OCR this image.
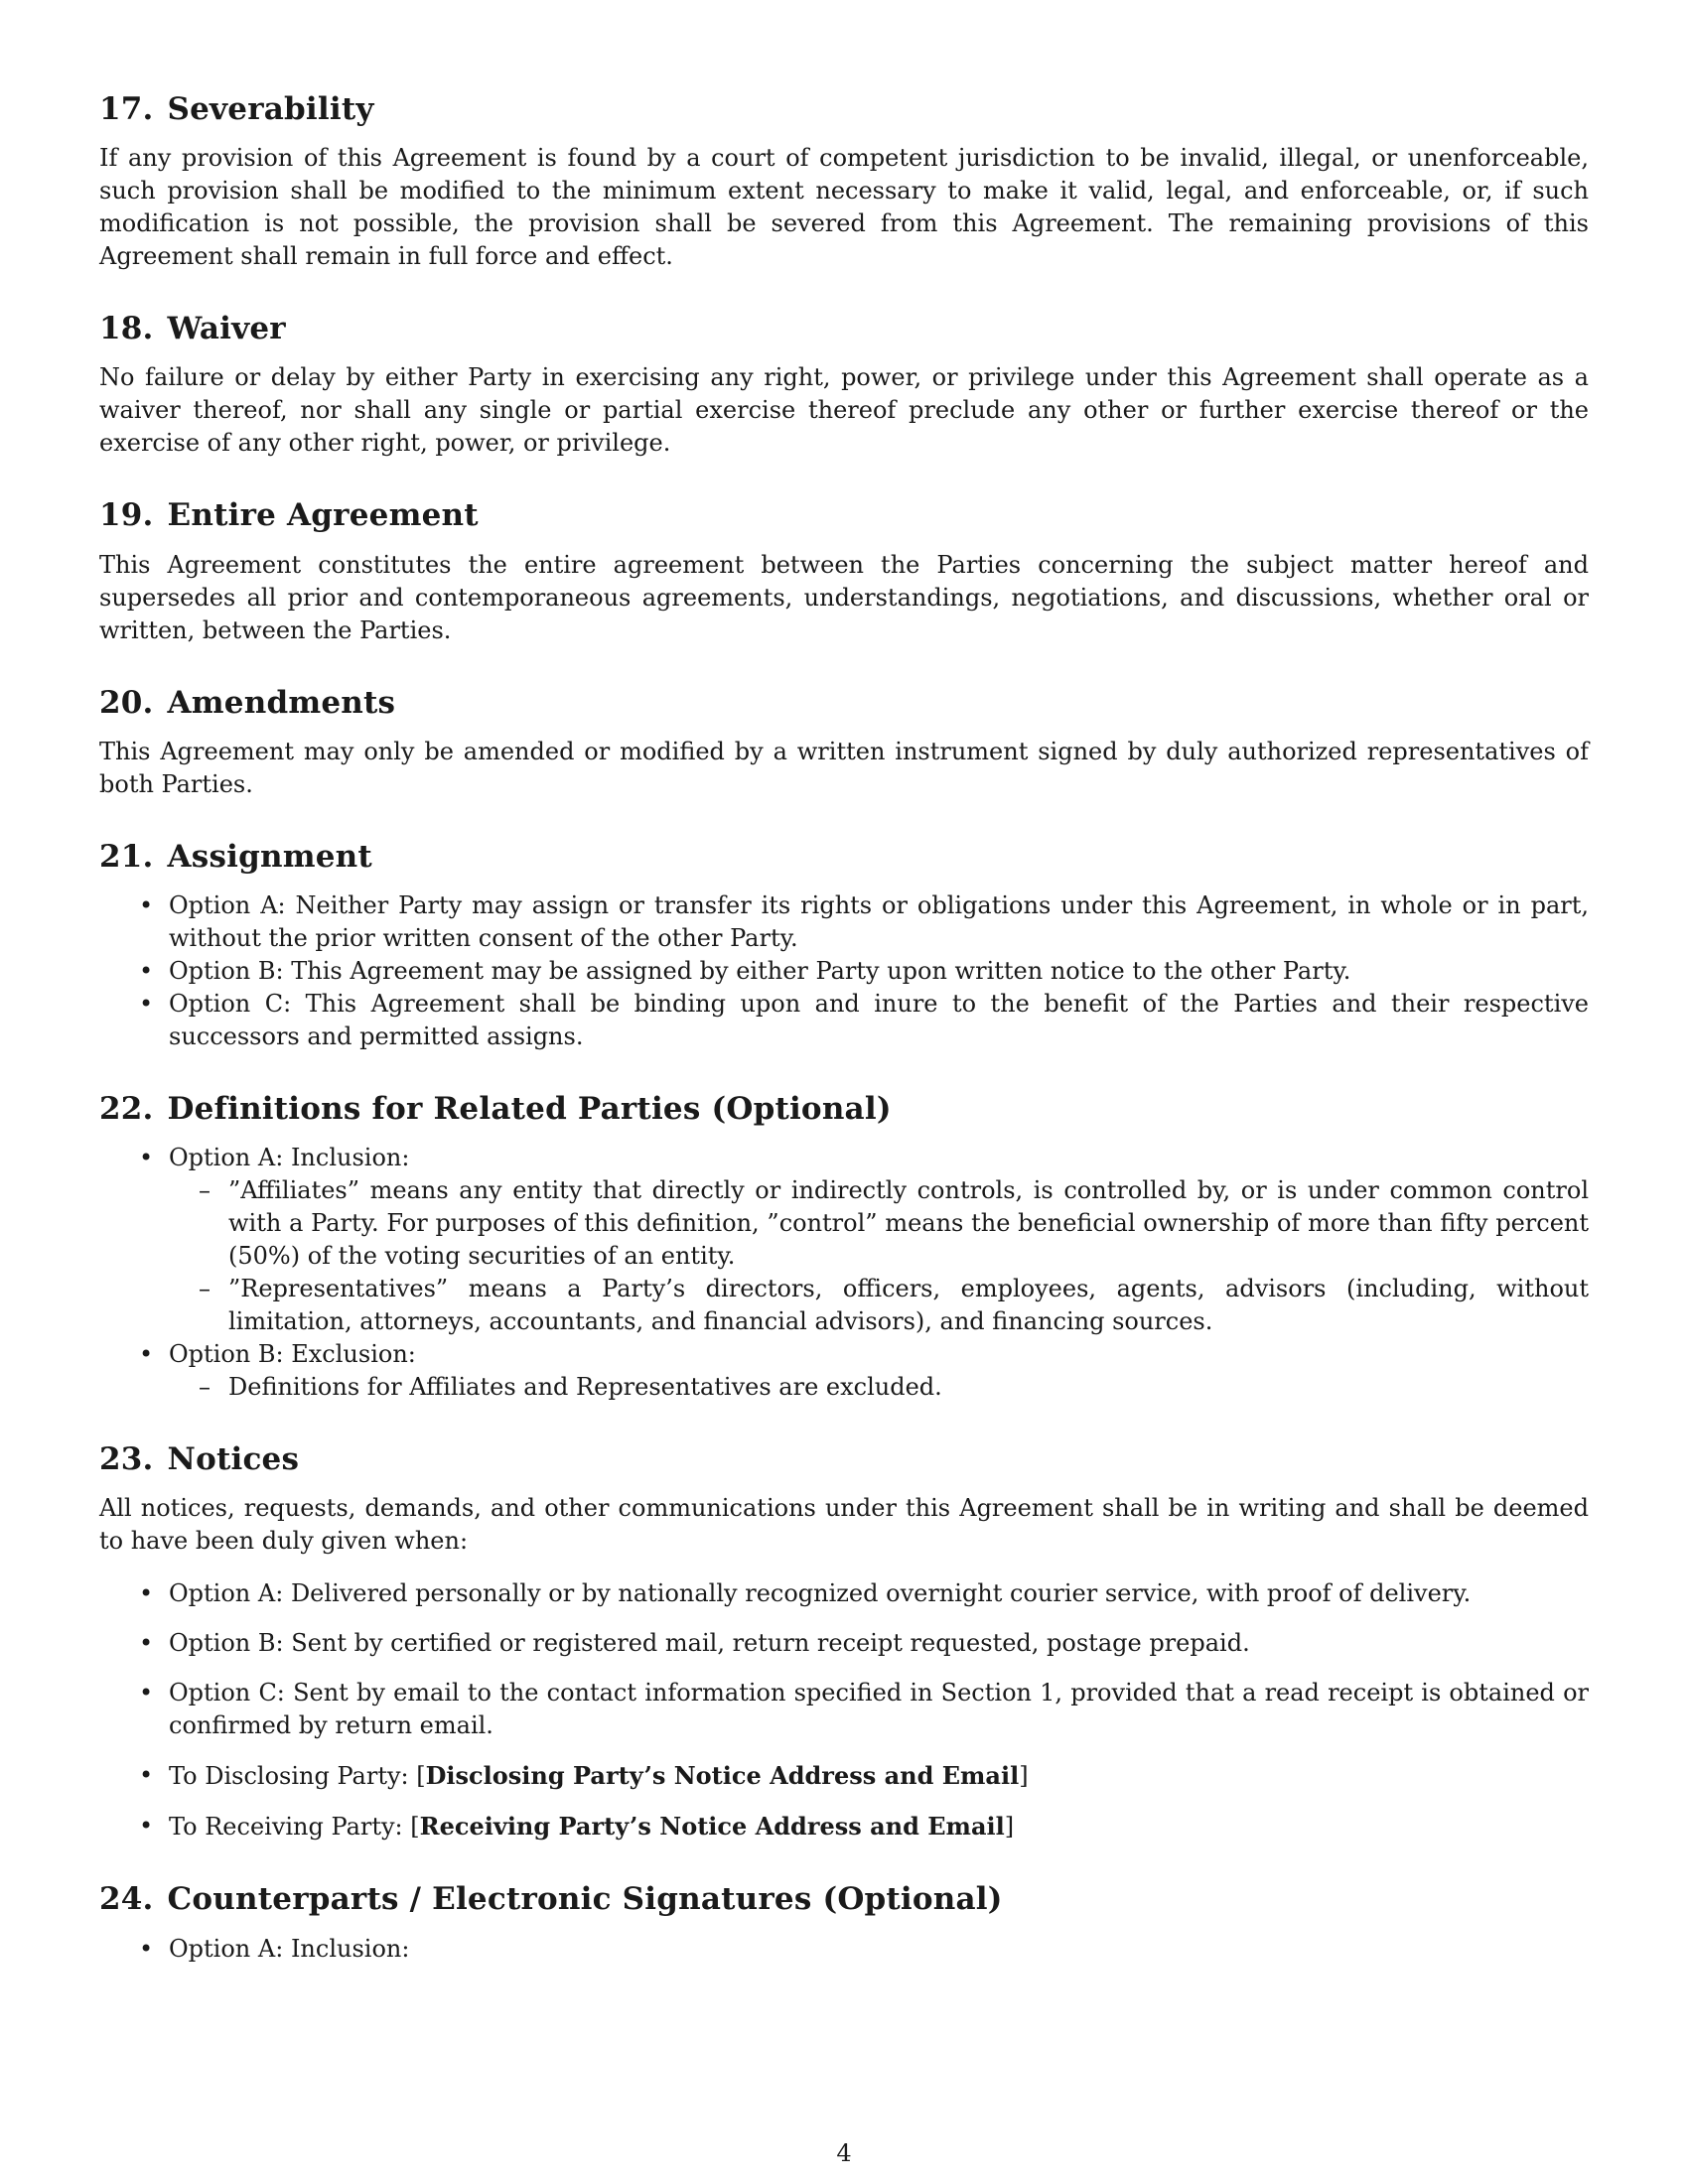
17. Severability

If any provision of this Agreement is found by a court of competent jurisdiction to be invalid, illegal, or unenforceable, such provision shall be modified to the minimum extent necessary to make it valid, legal, and enforceable, or, if such modification is not possible, the provision shall be severed from this Agreement. The remaining provisions of this Agreement shall remain in full force and effect.

18. Waiver

No failure or delay by either Party in exercising any right, power, or privilege under this Agreement shall operate as a waiver thereof, nor shall any single or partial exercise thereof preclude any other or further exercise thereof or the exercise of any other right, power, or privilege.

19. Entire Agreement

This Agreement constitutes the entire agreement between the Parties concerning the subject matter hereof and supersedes all prior and contemporaneous agreements, understandings, negotiations, and discussions, whether oral or written, between the Parties.

20. Amendments

This Agreement may only be amended or modified by a written instrument signed by duly authorized representatives of both Parties.

21. Assignment
• Option A: Neither Party may assign or transfer its rights or obligations under this Agreement, in whole or in part, without the prior written consent of the other Party.
• Option B: This Agreement may be assigned by either Party upon written notice to the other Party.
• Option C: This Agreement shall be binding upon and inure to the benefit of the Parties and their respective successors and permitted assigns.
22. Definitions for Related Parties (Optional)
• Option A: Inclusion:
– ”Affiliates” means any entity that directly or indirectly controls, is controlled by, or is under common control with a Party. For purposes of this definition, ”control” means the beneficial ownership of more than fifty percent (50%) of the voting securities of an entity.
– ”Representatives” means a Party’s directors, officers, employees, agents, advisors (including, without limitation, attorneys, accountants, and financial advisors), and financing sources.
• Option B: Exclusion:
– Definitions for Affiliates and Representatives are excluded.
23. Notices

All notices, requests, demands, and other communications under this Agreement shall be in writing and shall be deemed to have been duly given when:

• Option A: Delivered personally or by nationally recognized overnight courier service, with proof of delivery.
• Option B: Sent by certified or registered mail, return receipt requested, postage prepaid.
• Option C: Sent by email to the contact information specified in Section 1, provided that a read receipt is obtained or confirmed by return email.
• To Disclosing Party: [Disclosing Party’s Notice Address and Email]
• To Receiving Party: [Receiving Party’s Notice Address and Email]
24. Counterparts / Electronic Signatures (Optional)
• Option A: Inclusion:
4
